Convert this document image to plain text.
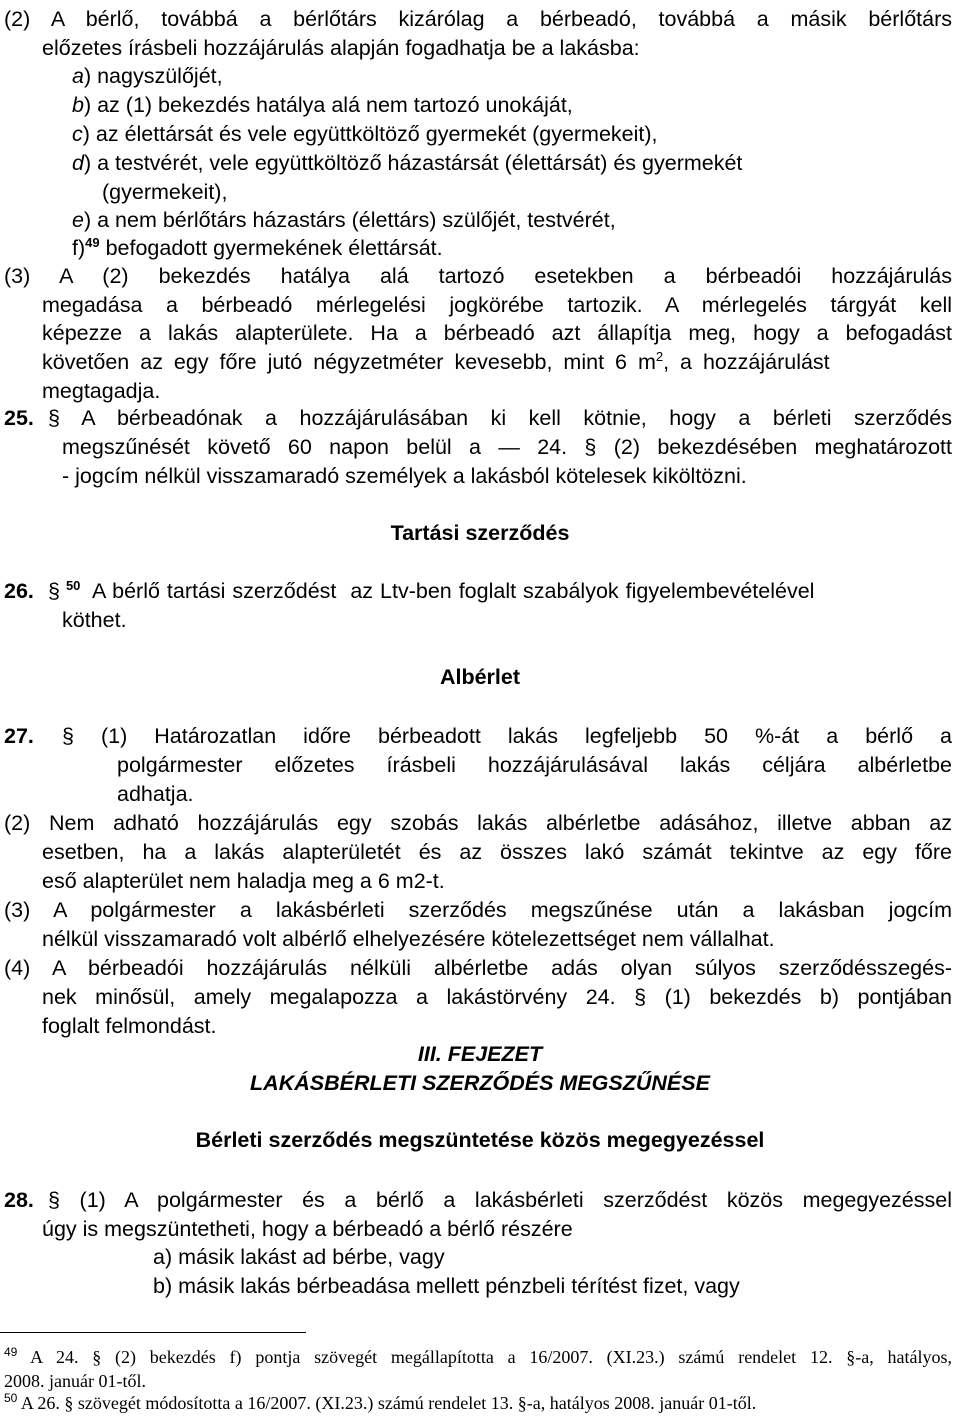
(2) A bérlő, továbbá a bérlőtárs kizárólag a bérbeadó, továbbá a másik bérlőtárs
előzetes írásbeli hozzájárulás alapján fogadhatja be a lakásba:
a) nagyszülőjét,
b) az (1) bekezdés hatálya alá nem tartozó unokáját,
c) az élettársát és vele együttköltöző gyermekét (gyermekeit),
d) a testvérét, vele együttköltöző házastársát (élettársát) és gyermekét
(gyermekeit),
e) a nem bérlőtárs házastárs (élettárs) szülőjét, testvérét,
f)$^{49}$ befogadott gyermekének élettársát.
(3) A (2) bekezdés hatálya alá tartozó esetekben a bérbeadói hozzájárulás
megadása a bérbeadó mérlegelési jogkörébe tartozik. A mérlegelés tárgyát kell
képezze a lakás alapterülete. Ha a bérbeadó azt állapítja meg, hogy a befogadást
követően az egy főre jutó négyzetméter kevesebb, mint 6 $m^2$, a hozzájárulást
megtagadja.
25. § A bérbeadónak a hozzájárulásában ki kell kötnie, hogy a bérleti szerződés
megszűnését követő 60 napon belül a — 24. § (2) bekezdésében meghatározott
- jogcím nélkül visszamaradó személyek a lakásból kötelesek kiköltözni.
Tartási szerződés
26. § $^{50}$ A bérlő tartási szerződést  az Ltv-ben foglalt szabályok figyelembevételével
köthet.
Albérlet
27.	§ (1) Határozatlan időre bérbeadott lakás legfeljebb 50 %-át a bérlő a
polgármester előzetes írásbeli hozzájárulásával lakás céljára albérletbe
adhatja.
(2) Nem adható hozzájárulás egy szobás lakás albérletbe adásához, illetve abban az
esetben, ha a lakás alapterületét és az összes lakó számát tekintve az egy főre
eső alapterület nem haladja meg a 6 m2-t.
(3) A polgármester a lakásbérleti szerződés megszűnése után a lakásban jogcím
nélkül visszamaradó volt albérlő elhelyezésére kötelezettséget nem vállalhat.
(4) A bérbeadói hozzájárulás nélküli albérletbe adás olyan súlyos szerződésszegés-
nek minősül, amely megalapozza a lakástörvény 24. § (1) bekezdés b) pontjában
foglalt felmondást.
III. FEJEZET
LAKÁSBÉRLETI SZERZŐDÉS MEGSZŰNÉSE
Bérleti szerződés megszüntetése közös megegyezéssel
28. § (1) A polgármester és a bérlő a lakásbérleti szerződést közös megegyezéssel
úgy is megszüntetheti, hogy a bérbeadó a bérlő részére
a) másik lakást ad bérbe, vagy
b) másik lakás bérbeadása mellett pénzbeli térítést fizet, vagy
$^{49}$ A 24. § (2) bekezdés f) pontja szövegét megállapította a 16/2007. (XI.23.) számú rendelet 12. §-a, hatályos,
2008. január 01-től.
$^{50}$ A 26. § szövegét módosította a 16/2007. (XI.23.) számú rendelet 13. §-a, hatályos 2008. január 01-től.
